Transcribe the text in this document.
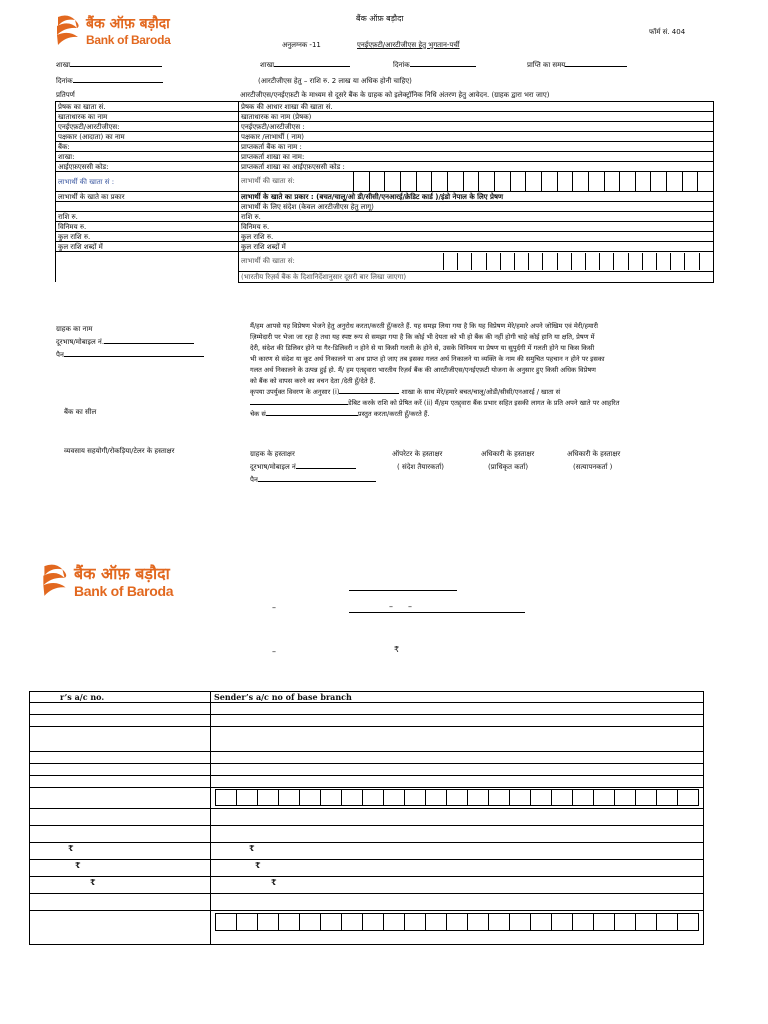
बैंक ऑफ़ बड़ौदा
Bank of Baroda
बैंक ऑफ़ बड़ौदा
फॉर्म सं. 404
अनुलग्नक -11	एनईएफ़टी/आरटीजीएस हेतु भुगतान-पर्ची
शाखा	शाखा	दिनांक	प्राप्ति का समय
दिनांक	(आरटीजीएस हेतु – राशि रु. 2 लाख या अधिक होनी चाहिए)
प्रतिपर्ण	आरटीजीएस/एनईएफ़टी के माध्यम से दूसरे बैंक के ग्राहक को इलेक्ट्रॉनिक निधि अंतरण हेतु आवेदन. (ग्राहक द्वारा भरा जाए)
प्रेषक का खाता सं.	प्रेषक की आधार शाखा की खाता सं.
खाताधारक का नाम	खाताधारक का नाम (प्रेषक)
एनईएफ़टी/आरटीजीएस:	एनईएफ़टी/आरटीजीएस :
पक्षकार (आदाता) का नाम	पक्षकार /लाभार्थी ( नाम)
बैंक:	प्राप्तकर्ता बैंक का नाम :
शाखा:	प्राप्तकर्ता शाखा का नाम:
आईएफ़एससी कोड:	प्राप्तकर्ता शाखा का आईएफ़एससी कोड :
लाभार्थी की खाता सं :	लाभार्थी की खाता सं:

लाभार्थी के खाते का प्रकार	लाभार्थी के खाते का प्रकार : (बचत/चालू/ओ डी/सीसी/एनआरई/क्रेडिट कार्ड )/इंडो नेपाल के लिए प्रेषण
	लाभार्थी के लिए संदेश (केवल आरटीजीएस हेतु लागू)
राशि रु.	राशि रु.
विनिमय रु.	विनिमय रु.
कुल राशि रु.	कुल राशि रु.
कुल राशि शब्दों में	कुल राशि शब्दों में

	लाभार्थी की खाता सं:

	(भारतीय रिज़र्व बैंक के दिशानिर्देशानुसार दूसरी बार लिखा जाएगा)
ग्राहक का नाम
दूरभाष/मोबाइल नं.
पैन
बैंक का सील
व्यवसाय सहयोगी/रोकड़िया/टेलर के हस्ताक्षर
मैं/हम आपसे यह विप्रेषण भेजने हेतु अनुरोध करता/करती हूँ/करते हैं. यह समझ लिया गया है कि यह विप्रेषण मेरे/हमारे अपने जोखिम एवं मेरी/हमारी
ज़िम्मेदारी पर भेजा जा रहा है तथा यह स्पष्ट रूप से समझा गया है कि कोई भी देयता को भी हो बैंक की नहीं होगी चाहे कोई हानि या क्षति, प्रेषण में
देरी, संदेश की डिलिवर होने या गैर-डिलिवरी न होने से या किसी गलती के होने से, उसके विनिमय या प्रेषण या सुपुर्दगी में गलती होने या किस किसी
भी कारण से संदेश या कूट अर्थ निकालने या अथ प्राप्त हो जाए तब इसका गलत अर्थ निकालने या व्यक्ति के नाम की समुचित पहचान न होने पर इसका
गलत अर्थ निकालने के उत्पन्न हुई हो. मैं/ हम एतद्द्वारा भारतीय रिज़र्व बैंक की आरटीजीएस/एनईएफ़टी योजना के अनुसार हुए किसी अधिक विप्रेषण
को बैंक को वापस करने का वचन देता /देती हूँ/देते हैं.
कृपया उपर्युक्त विवरण के अनुसार (i)	शाखा के साथ मेरे/हमारे बचत/चालू/ओडी/सीसी/एनआरई / खाता सं
डेबिट करके राशि को प्रेषित करें (ii) मैं/हम एतद्द्वारा बैंक प्रभार सहित इसकी लागत के प्रति अपने खाते पर आहरित
चेक सं	प्रस्तुत करता/करती हूँ/करते हैं.
ग्राहक के हस्ताक्षर
दूरभाष/मोबाइल नं
पैन
ऑपरेटर के हस्ताक्षर
( संदेश तैयारकर्ता)
अधिकारी के हस्ताक्षर
(प्राधिकृत कर्ता)
अधिकारी के हस्ताक्षर
(सत्यापनकर्ता )
बैंक ऑफ़ बड़ौदा
Bank of Baroda
–	– –
–	₹
r’s a/c no.	Sender’s a/c no of base branch

₹	₹
₹	₹
₹	₹
